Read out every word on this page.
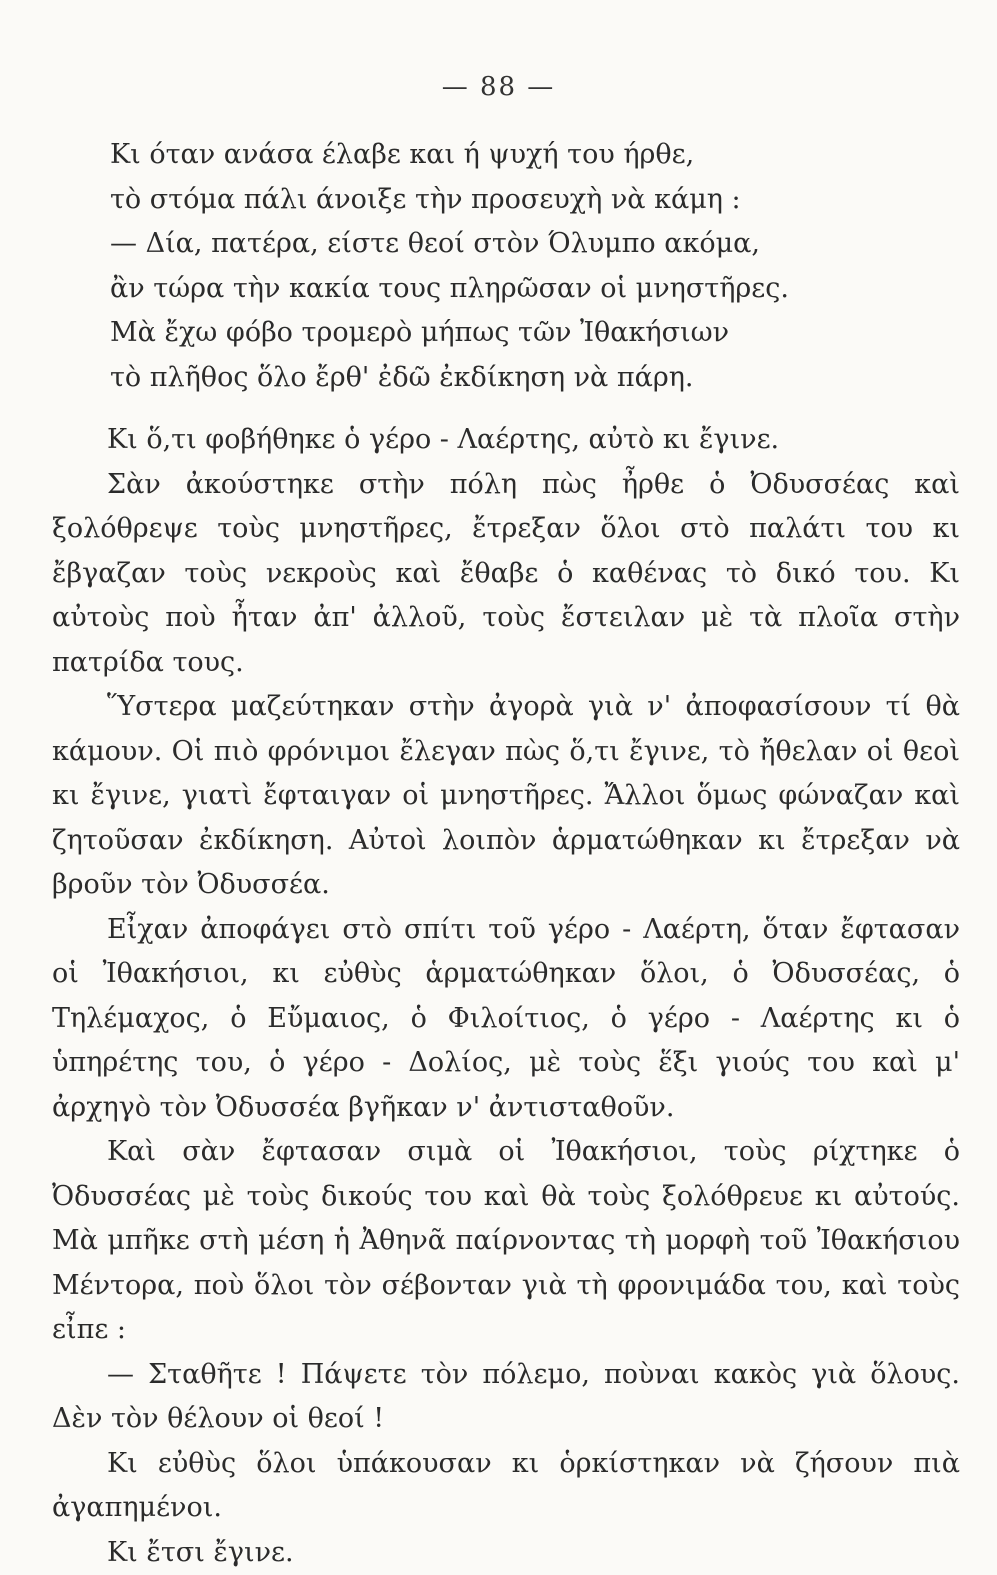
— 88 —
Κι όταν ανάσα έλαβε και ή ψυχή του ήρθε,
τὸ στόμα πάλι άνοιξε τὴν προσευχὴ νὰ κάμη :
— Δία, πατέρα, είστε θεοί στὸν Όλυμπο ακόμα,
ἂν τώρα τὴν κακία τους πληρῶσαν οἱ μνηστῆρες.
Μὰ ἔχω φόβο τρομερὸ μήπως τῶν Ἰθακήσιων
τὸ πλῆθος ὅλο ἔρθ' ἐδῶ ἐκδίκηση νὰ πάρη.

Κι ὅ,τι φοβήθηκε ὁ γέρο - Λαέρτης, αὐτὸ κι ἔγινε.

Σὰν ἀκούστηκε στὴν πόλη πὼς ἦρθε ὁ Ὀδυσσέας καὶ ξολόθρεψε τοὺς μνηστῆρες, ἔτρεξαν ὅλοι στὸ παλάτι του κι ἔβγαζαν τοὺς νεκροὺς καὶ ἔθαβε ὁ καθένας τὸ δικό του. Κι αὐτοὺς ποὺ ἦταν ἀπ' ἀλλοῦ, τοὺς ἔστειλαν μὲ τὰ πλοῖα στὴν πατρίδα τους.

Ὕστερα μαζεύτηκαν στὴν ἀγορὰ γιὰ ν' ἀποφασίσουν τί θὰ κάμουν. Οἱ πιὸ φρόνιμοι ἔλεγαν πὼς ὅ,τι ἔγινε, τὸ ἤθελαν οἱ θεοὶ κι ἔγινε, γιατὶ ἔφταιγαν οἱ μνηστῆρες. Ἄλλοι ὅμως φώναζαν καὶ ζητοῦσαν ἐκδίκηση. Αὐτοὶ λοιπὸν ἁρματώθηκαν κι ἔτρεξαν νὰ βροῦν τὸν Ὀδυσσέα.

Εἶχαν ἀποφάγει στὸ σπίτι τοῦ γέρο - Λαέρτη, ὅταν ἔφτασαν οἱ Ἰθακήσιοι, κι εὐθὺς ἁρματώθηκαν ὅλοι, ὁ Ὀδυσσέας, ὁ Τηλέμαχος, ὁ Εὔμαιος, ὁ Φιλοίτιος, ὁ γέρο - Λαέρτης κι ὁ ὑπηρέτης του, ὁ γέρο - Δολίος, μὲ τοὺς ἕξι γιούς του καὶ μ' ἀρχηγὸ τὸν Ὀδυσσέα βγῆκαν ν' ἀντισταθοῦν.

Καὶ σὰν ἔφτασαν σιμὰ οἱ Ἰθακήσιοι, τοὺς ρίχτηκε ὁ Ὀδυσσέας μὲ τοὺς δικούς του καὶ θὰ τοὺς ξολόθρευε κι αὐτούς. Μὰ μπῆκε στὴ μέση ἡ Ἀθηνᾶ παίρνοντας τὴ μορφὴ τοῦ Ἰθακήσιου Μέντορα, ποὺ ὅλοι τὸν σέβονταν γιὰ τὴ φρονιμάδα του, καὶ τοὺς εἶπε :

— Σταθῆτε ! Πάψετε τὸν πόλεμο, ποὺναι κακὸς γιὰ ὅλους. Δὲν τὸν θέλουν οἱ θεοί !

Κι εὐθὺς ὅλοι ὑπάκουσαν κι ὁρκίστηκαν νὰ ζήσουν πιὰ ἀγαπημένοι.

Κι ἔτσι ἔγινε.
